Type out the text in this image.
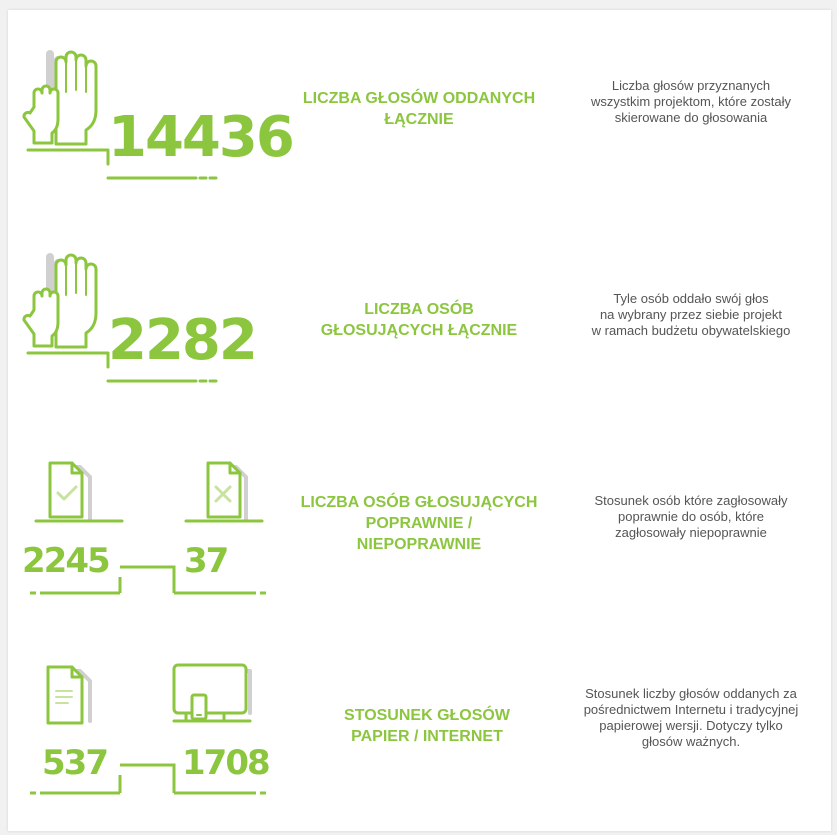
14436
LICZBA GŁOSÓW ODDANYCH
ŁĄCZNIE
Liczba głosów przyznanych
wszystkim projektom, które zostały
skierowane do głosowania
2282	LICZBA OSÓB
GŁOSUJĄCYCH ŁĄCZNIE
Tyle osób oddało swój głos
na wybrany przez siebie projekt
w ramach budżetu obywatelskiego
2245 37
LICZBA OSÓB GŁOSUJĄCYCH
POPRAWNIE /
NIEPOPRAWNIE
Stosunek osób które zagłosowały
poprawnie do osób, które
zagłosowały niepoprawnie
537 1708
STOSUNEK GŁOSÓW
PAPIER / INTERNET
Stosunek liczby głosów oddanych za
pośrednictwem Internetu i tradycyjnej
papierowej wersji. Dotyczy tylko
głosów ważnych.
